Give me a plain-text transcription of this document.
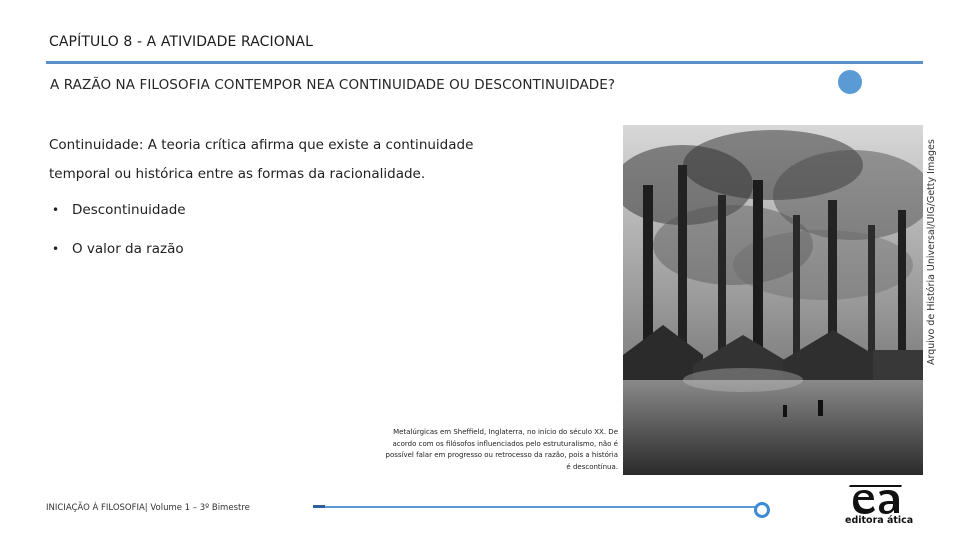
CAPÍTULO 8 - A ATIVIDADE RACIONAL
A RAZÃO NA FILOSOFIA CONTEMPOR NEA CONTINUIDADE OU DESCONTINUIDADE?
Continuidade: A teoria crítica afirma que existe a continuidade
temporal ou histórica entre as formas da racionalidade.
• Descontinuidade
• O valor da razão	Arquivo de História Universal/UIG/Getty Images
Metalúrgicas em Sheffield, Inglaterra, no início do século XX. De
acordo com os filósofos influenciados pelo estruturalismo, não é
possível falar em progresso ou retrocesso da razão, pois a história
é descontínua.
INICIAÇÃO À FILOSOFIA| Volume 1 – 3º Bimestre
editora ática
